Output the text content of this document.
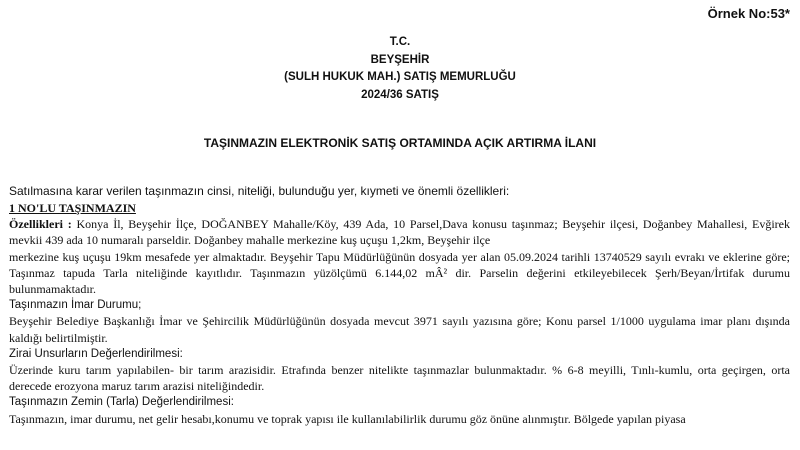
Örnek No:53*
T.C.
BEYŞEHİR
(SULH HUKUK MAH.) SATIŞ MEMURLUĞU
2024/36 SATIŞ
TAŞINMAZIN ELEKTRONİK SATIŞ ORTAMINDA AÇIK ARTIRMA İLANI
Satılmasına karar verilen taşınmazın cinsi, niteliği, bulunduğu yer, kıymeti ve önemli özellikleri:

1 NO'LU TAŞINMAZIN

Özellikleri : Konya İl, Beyşehir İlçe, DOĞANBEY Mahalle/Köy, 439 Ada, 10 Parsel,Dava konusu taşınmaz; Beyşehir ilçesi, Doğanbey Mahallesi, Evğirek mevkii 439 ada 10 numaralı parseldir. Doğanbey mahalle merkezine kuş uçuşu 1,2km, Beyşehir ilçe

merkezine kuş uçuşu 19km mesafede yer almaktadır. Beyşehir Tapu Müdürlüğünün dosyada yer alan 05.09.2024 tarihli 13740529 sayılı evrakı ve eklerine göre; Taşınmaz tapuda Tarla niteliğinde kayıtlıdır. Taşınmazın yüzölçümü 6.144,02 mÂ² dir. Parselin değerini etkileyebilecek Şerh/Beyan/İrtifak durumu bulunmamaktadır.

Taşınmazın İmar Durumu;

Beyşehir Belediye Başkanlığı İmar ve Şehircilik Müdürlüğünün dosyada mevcut 3971 sayılı yazısına göre; Konu parsel 1/1000 uygulama imar planı dışında kaldığı belirtilmiştir.

Zirai Unsurların Değerlendirilmesi:

Üzerinde kuru tarım yapılabilen- bir tarım arazisidir. Etrafında benzer nitelikte taşınmazlar bulunmaktadır. % 6-8 meyilli, Tınlı-kumlu, orta geçirgen, orta derecede erozyona maruz tarım arazisi niteliğindedir.

Taşınmazın Zemin (Tarla) Değerlendirilmesi:

Taşınmazın, imar durumu, net gelir hesabı,konumu ve toprak yapısı ile kullanılabilirlik durumu göz önüne alınmıştır. Bölgede yapılan piyasa
